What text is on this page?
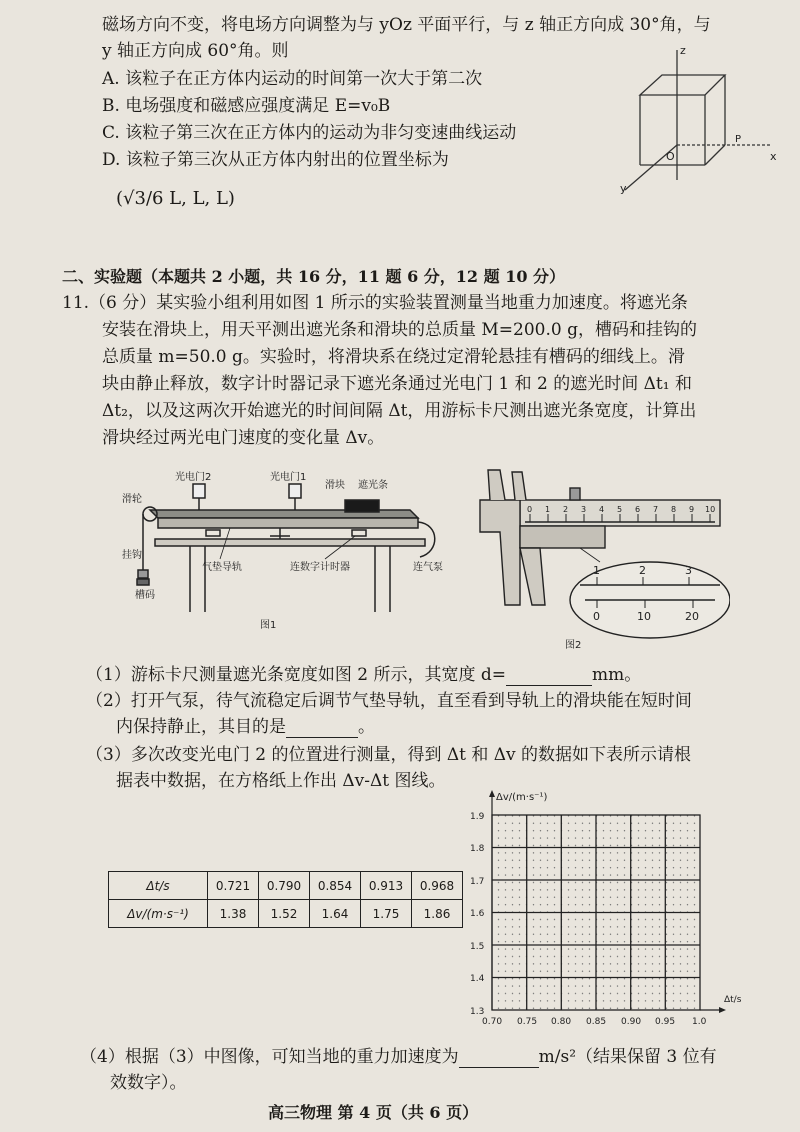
磁场方向不变，将电场方向调整为与 yOz 平面平行，与 z 轴正方向成 30°角，与
y 轴正方向成 60°角。则
A. 该粒子在正方体内运动的时间第一次大于第二次
B. 电场强度和磁感应强度满足 E=v₀B
C. 该粒子第三次在正方体内的运动为非匀变速曲线运动
D. 该粒子第三次从正方体内射出的位置坐标为
(√3/6 L, L, L)
z
O
P
x
y
二、实验题（本题共 2 小题，共 16 分，11 题 6 分，12 题 10 分）
11.（6 分）某实验小组利用如图 1 所示的实验装置测量当地重力加速度。将遮光条
安装在滑块上，用天平测出遮光条和滑块的总质量 M=200.0 g，槽码和挂钩的
总质量 m=50.0 g。实验时，将滑块系在绕过定滑轮悬挂有槽码的细线上。滑
块由静止释放，数字计时器记录下遮光条通过光电门 1 和 2 的遮光时间 Δt₁ 和
Δt₂，以及这两次开始遮光的时间间隔 Δt，用游标卡尺测出遮光条宽度，计算出
滑块经过两光电门速度的变化量 Δv。
光电门2	光电门1
滑块 遮光条
滑轮
挂钩
槽码
气垫导轨	连数字计时器	连气泵
图1
0 1 2 3 4 5 6 7 8 9 10
1	2	3
0	10	20
图2
（1）游标卡尺测量遮光条宽度如图 2 所示，其宽度 d=	mm。
（2）打开气泵，待气流稳定后调节气垫导轨，直至看到导轨上的滑块能在短时间
内保持静止，其目的是	。
（3）多次改变光电门 2 的位置进行测量，得到 Δt 和 Δv 的数据如下表所示请根
据表中数据，在方格纸上作出 Δv-Δt 图线。
Δt/s	0.721	0.790	0.854	0.913	0.968
Δv/(m·s⁻¹)	1.38	1.52	1.64	1.75	1.86
Δv/(m·s⁻¹)
Δt/s
1.9
1.8
1.7
1.6
1.5
1.4
1.3
0.70 0.75 0.80 0.85 0.90 0.95 1.0
（4）根据（3）中图像，可知当地的重力加速度为	m/s²（结果保留 3 位有
效数字）。
高三物理 第 4 页（共 6 页）
